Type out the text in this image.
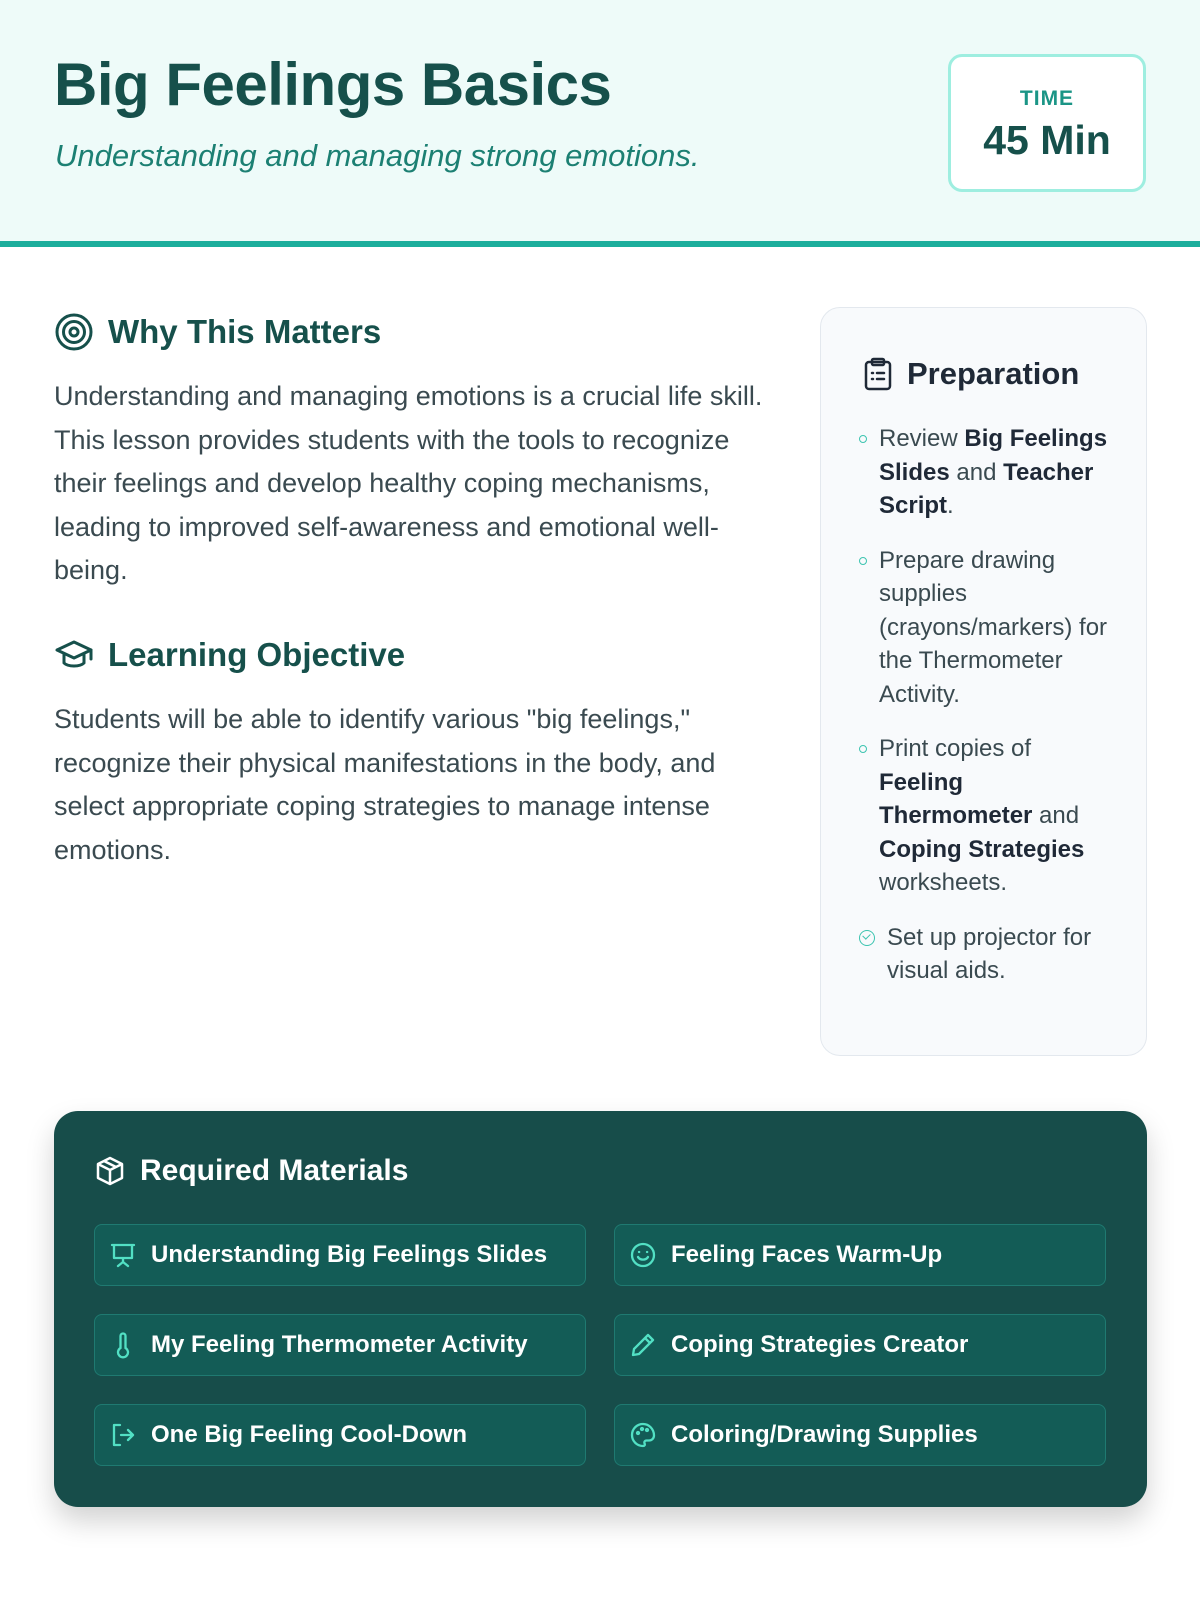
Big Feelings Basics

Understanding and managing strong emotions.

TIME
45 Min
Why This Matters

Understanding and managing emotions is a crucial life skill. This lesson provides students with the tools to recognize their feelings and develop healthy coping mechanisms, leading to improved self-awareness and emotional well-being.

Learning Objective

Students will be able to identify various "big feelings," recognize their physical manifestations in the body, and select appropriate coping strategies to manage intense emotions.

Preparation
Review Big Feelings Slides and Teacher Script.
Prepare drawing supplies (crayons/markers) for the Thermometer Activity.
Print copies of Feeling Thermometer and Coping Strategies worksheets.
Set up projector for visual aids.
Required Materials
Understanding Big Feelings Slides	Feeling Faces Warm-Up
My Feeling Thermometer Activity	Coping Strategies Creator
One Big Feeling Cool-Down	Coloring/Drawing Supplies
